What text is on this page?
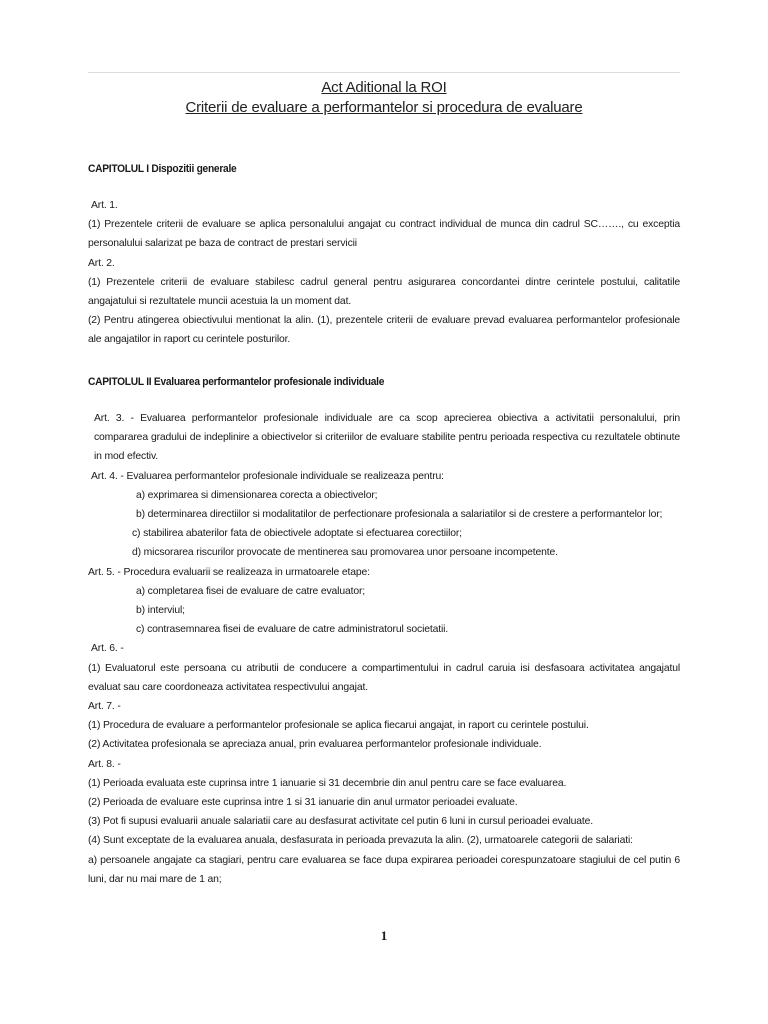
Act Aditional la ROI
Criterii de evaluare a performantelor si procedura de evaluare
CAPITOLUL I Dispozitii generale

Art. 1.

(1) Prezentele criterii de evaluare se aplica personalului angajat cu contract individual de munca din cadrul SC……., cu exceptia personalului salarizat pe baza de contract de prestari servicii

Art. 2.

(1) Prezentele criterii de evaluare stabilesc cadrul general pentru asigurarea concordantei dintre cerintele postului, calitatile angajatului si rezultatele muncii acestuia la un moment dat.

(2) Pentru atingerea obiectivului mentionat la alin. (1), prezentele criterii de evaluare prevad evaluarea performantelor profesionale ale angajatilor in raport cu cerintele posturilor.

CAPITOLUL II Evaluarea performantelor profesionale individuale

Art. 3. - Evaluarea performantelor profesionale individuale are ca scop aprecierea obiectiva a activitatii personalului, prin compararea gradului de indeplinire a obiectivelor si criteriilor de evaluare stabilite pentru perioada respectiva cu rezultatele obtinute in mod efectiv.

Art. 4. - Evaluarea performantelor profesionale individuale se realizeaza pentru:

a) exprimarea si dimensionarea corecta a obiectivelor;

b) determinarea directiilor si modalitatilor de perfectionare profesionala a salariatilor si de crestere a performantelor lor;

c) stabilirea abaterilor fata de obiectivele adoptate si efectuarea corectiilor;

d) micsorarea riscurilor provocate de mentinerea sau promovarea unor persoane incompetente.

Art. 5. - Procedura evaluarii se realizeaza in urmatoarele etape:

a) completarea fisei de evaluare de catre evaluator;

b) interviul;

c) contrasemnarea fisei de evaluare de catre administratorul societatii.

Art. 6. -

(1) Evaluatorul este persoana cu atributii de conducere a compartimentului in cadrul caruia isi desfasoara activitatea angajatul evaluat sau care coordoneaza activitatea respectivului angajat.

Art. 7. -

(1) Procedura de evaluare a performantelor profesionale se aplica fiecarui angajat, in raport cu cerintele postului.

(2) Activitatea profesionala se apreciaza anual, prin evaluarea performantelor profesionale individuale.

Art. 8. -

(1) Perioada evaluata este cuprinsa intre 1 ianuarie si 31 decembrie din anul pentru care se face evaluarea.

(2) Perioada de evaluare este cuprinsa intre 1 si 31 ianuarie din anul urmator perioadei evaluate.

(3) Pot fi supusi evaluarii anuale salariatii care au desfasurat activitate cel putin 6 luni in cursul perioadei evaluate.

(4) Sunt exceptate de la evaluarea anuala, desfasurata in perioada prevazuta la alin. (2), urmatoarele categorii de salariati:

a) persoanele angajate ca stagiari, pentru care evaluarea se face dupa expirarea perioadei corespunzatoare stagiului de cel putin 6 luni, dar nu mai mare de 1 an;

1
